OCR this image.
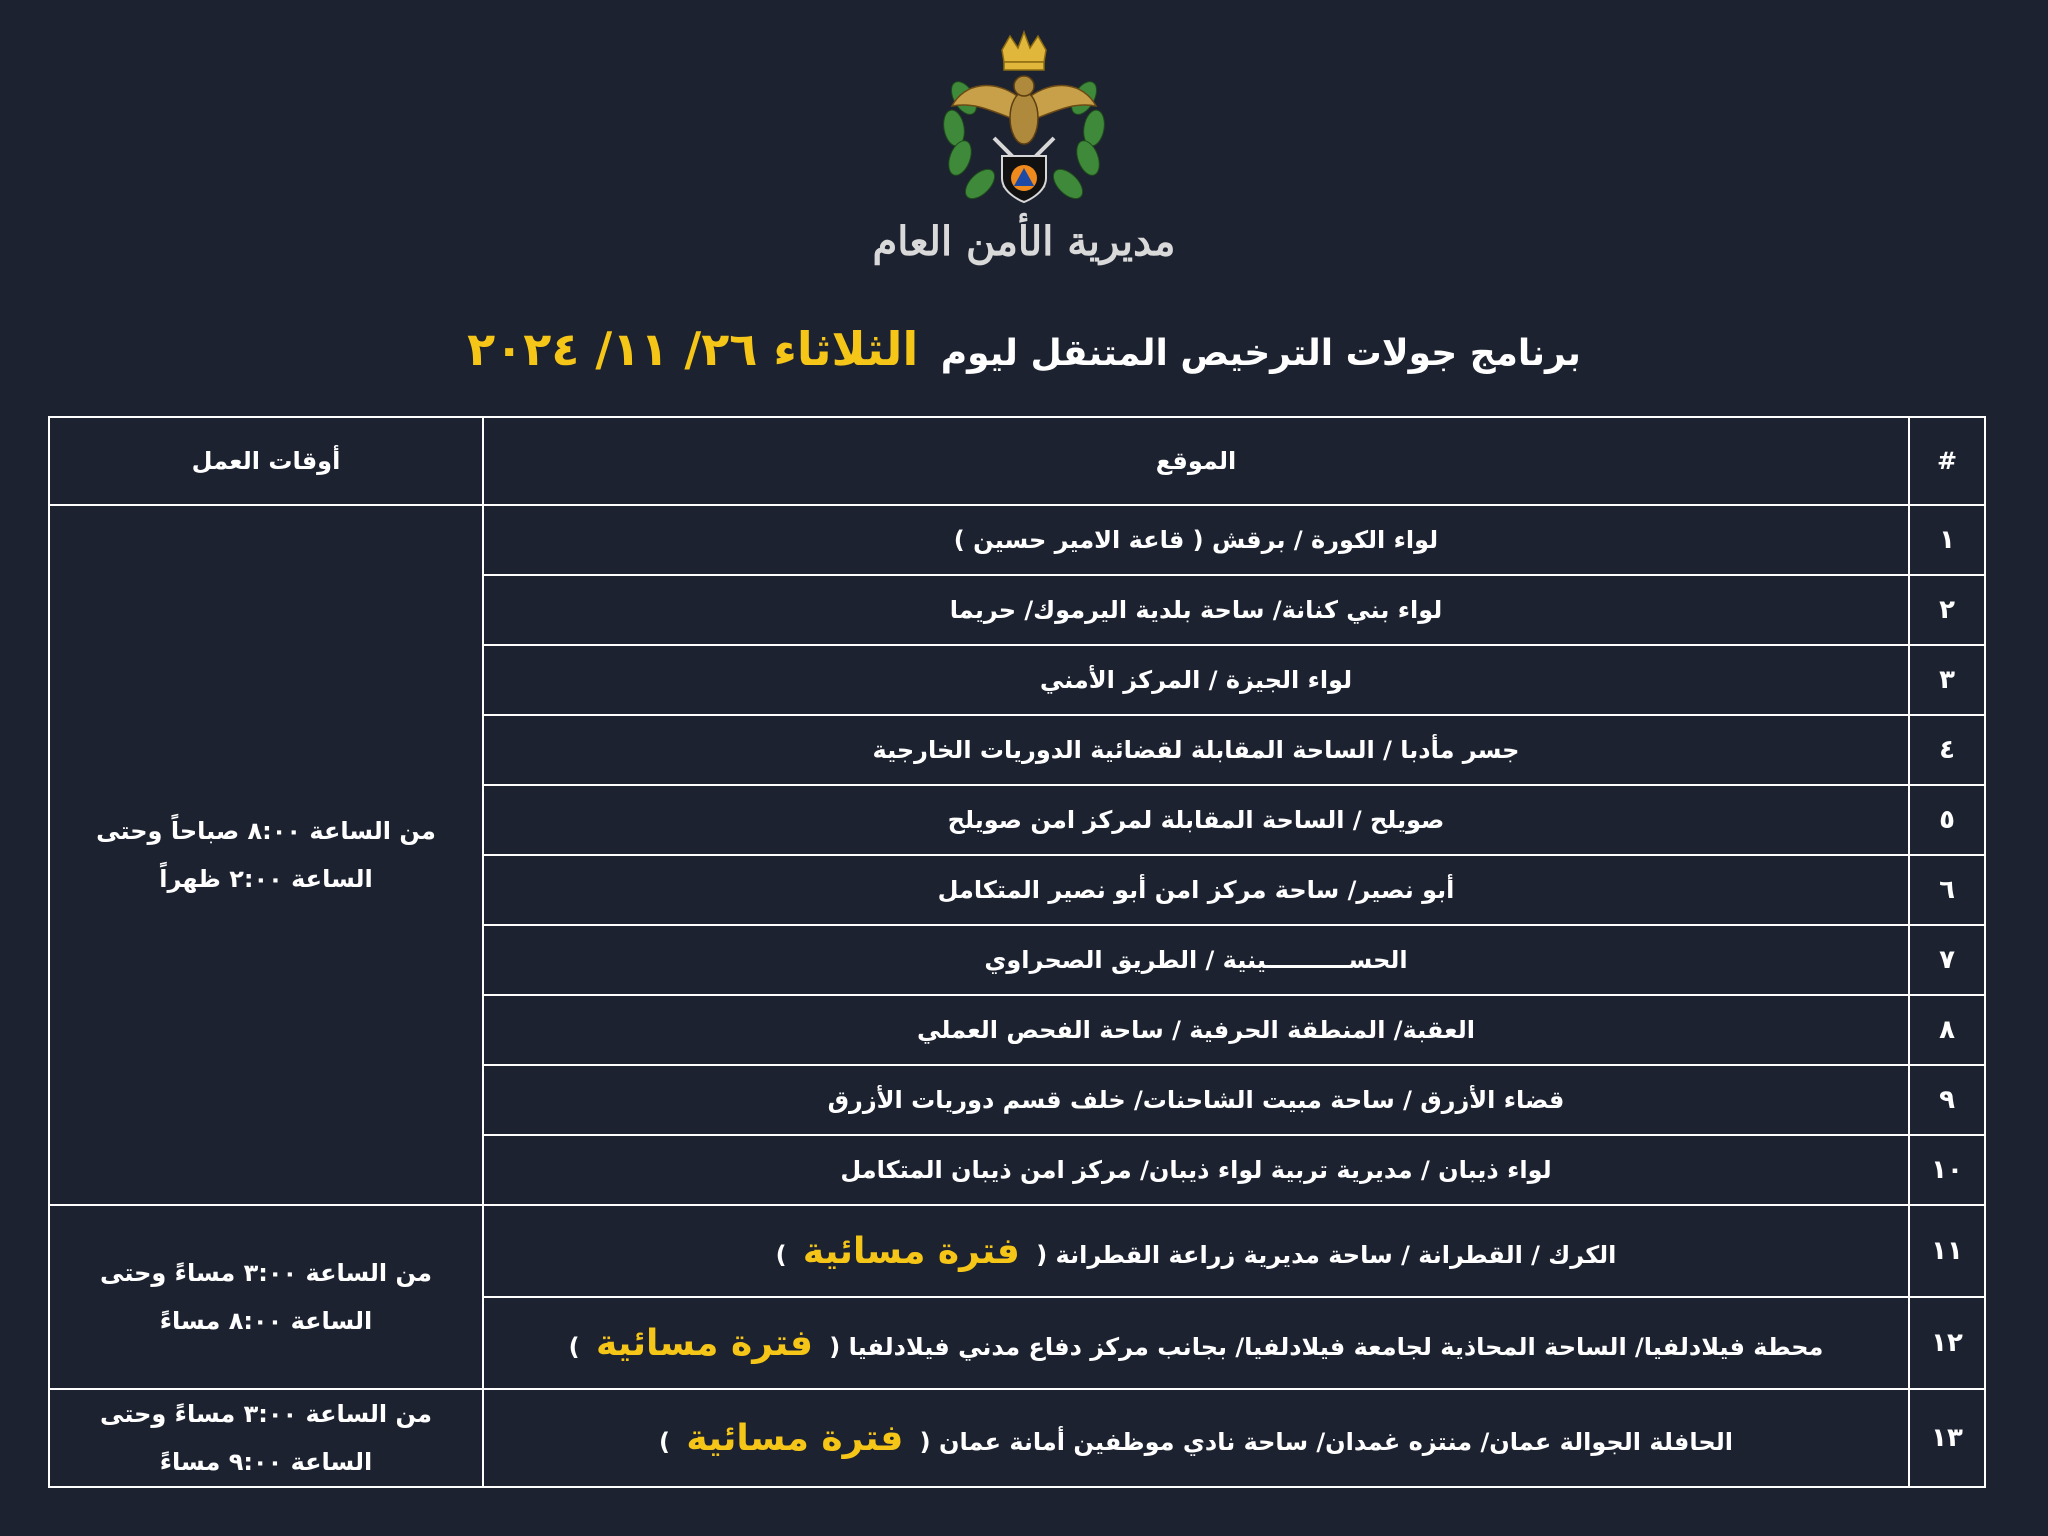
مديرية الأمن العام
برنامج جولات الترخيص المتنقل ليوم الثلاثاء ٢٦/ ١١/ ٢٠٢٤
#	الموقع	أوقات العمل
١	لواء الكورة / برقش ( قاعة الامير حسين )	من الساعة ٨:٠٠ صباحاً وحتى
الساعة ٢:٠٠ ظهراً

٢	لواء بني كنانة/ ساحة بلدية اليرموك/ حريما	
٣	لواء الجيزة / المركز الأمني	
٤	جسر مأدبا / الساحة المقابلة لقضائية الدوريات الخارجية	
٥	صويلح / الساحة المقابلة لمركز امن صويلح	
٦	أبو نصير/ ساحة مركز امن أبو نصير المتكامل	
٧	الحســــــــــينية / الطريق الصحراوي	
٨	العقبة/ المنطقة الحرفية / ساحة الفحص العملي	
٩	قضاء الأزرق / ساحة مبيت الشاحنات/ خلف قسم دوريات الأزرق	
١٠	لواء ذيبان / مديرية تربية لواء ذيبان/ مركز امن ذيبان المتكامل	
١١	الكرك / القطرانة / ساحة مديرية زراعة القطرانة ( فترة مسائية )	من الساعة ٣:٠٠ مساءً وحتى
الساعة ٨:٠٠ مساءً

١٢	محطة فيلادلفيا/ الساحة المحاذية لجامعة فيلادلفيا/ بجانب مركز دفاع مدني فيلادلفيا ( فترة مسائية )	
١٣	الحافلة الجوالة عمان/ منتزه غمدان/ ساحة نادي موظفين أمانة عمان ( فترة مسائية )	من الساعة ٣:٠٠ مساءً وحتى
الساعة ٩:٠٠ مساءً
